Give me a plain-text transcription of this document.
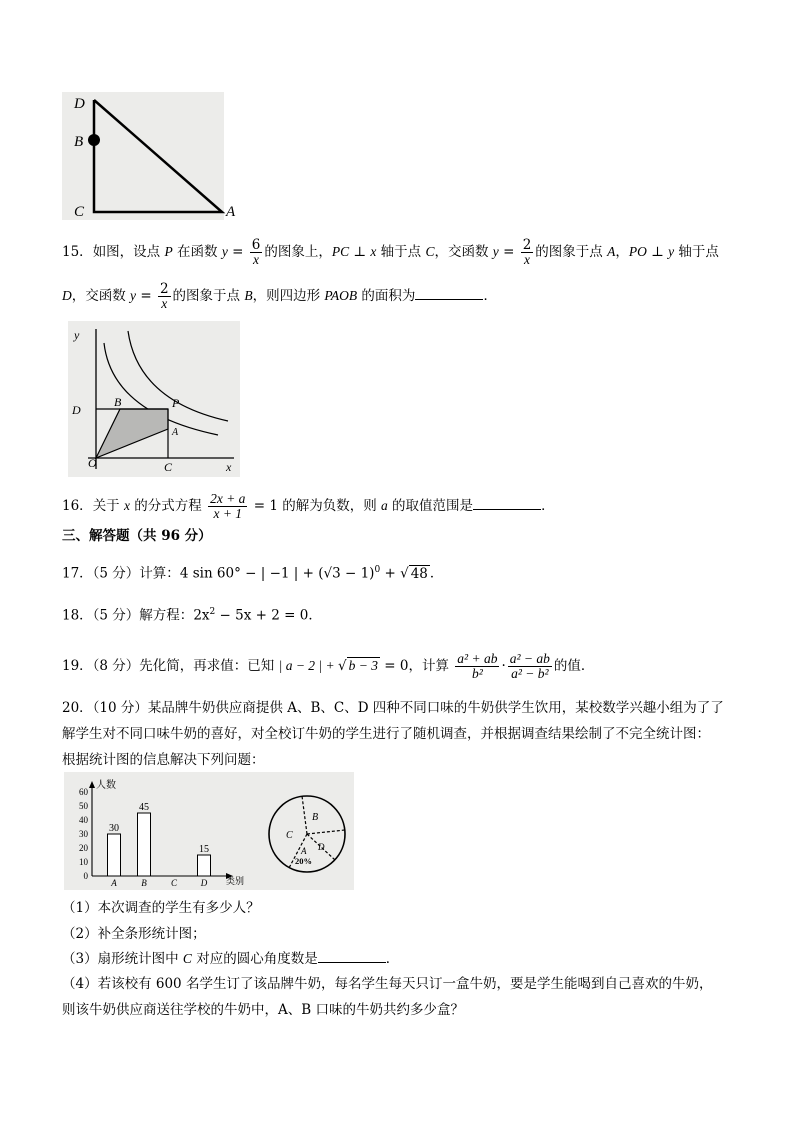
D
B
C	A
15．如图，设点 P 在函数 $y = \frac{6}{x}$ 的图象上，PC ⊥ x 轴于点 C，交函数 $y = \frac{2}{x}$ 的图象于点 A，PO ⊥ y 轴于点
D，交函数 $y = \frac{2}{x}$ 的图象于点 B，则四边形 PAOB 的面积为	．
y
x
D
B	P
A
O	C
16．关于 x 的分式方程 $\frac{2x + a}{x + 1} = 1$ 的解为负数，则 a 的取值范围是	．
三、解答题（共 96 分）
17．（5 分）计算：4 sin 60° − | −1 | + $(√3 - 1)^0$ + √ 48 ．
18．（5 分）解方程：$2x^2 - 5x + 2 = 0$．
19．（8 分）先化简，再求值：已知 | a − 2 | + √ b − 3 = 0，计算 $\frac{\text{a² + ab}}{\text{b²}} \cdot \frac{\text{a² − ab}}{\text{a² − b²}}$ 的值．
20．（10 分）某品牌牛奶供应商提供 A、B、C、D 四种不同口味的牛奶供学生饮用，某校数学兴趣小组为了了
解学生对不同口味牛奶的喜好，对全校订牛奶的学生进行了随机调查，并根据调查结果绘制了不完全统计图：
根据统计图的信息解决下列问题：
人数
类别
A
30
B
45
C	D
15
0
10
20
30
40
50
60
B
C
A D
20%
（1）本次调查的学生有多少人？
（2）补全条形统计图；
（3）扇形统计图中 C 对应的圆心角度数是	．
（4）若该校有 600 名学生订了该品牌牛奶，每名学生每天只订一盒牛奶，要是学生能喝到自己喜欢的牛奶，
则该牛奶供应商送往学校的牛奶中，A、B 口味的牛奶共约多少盒？
